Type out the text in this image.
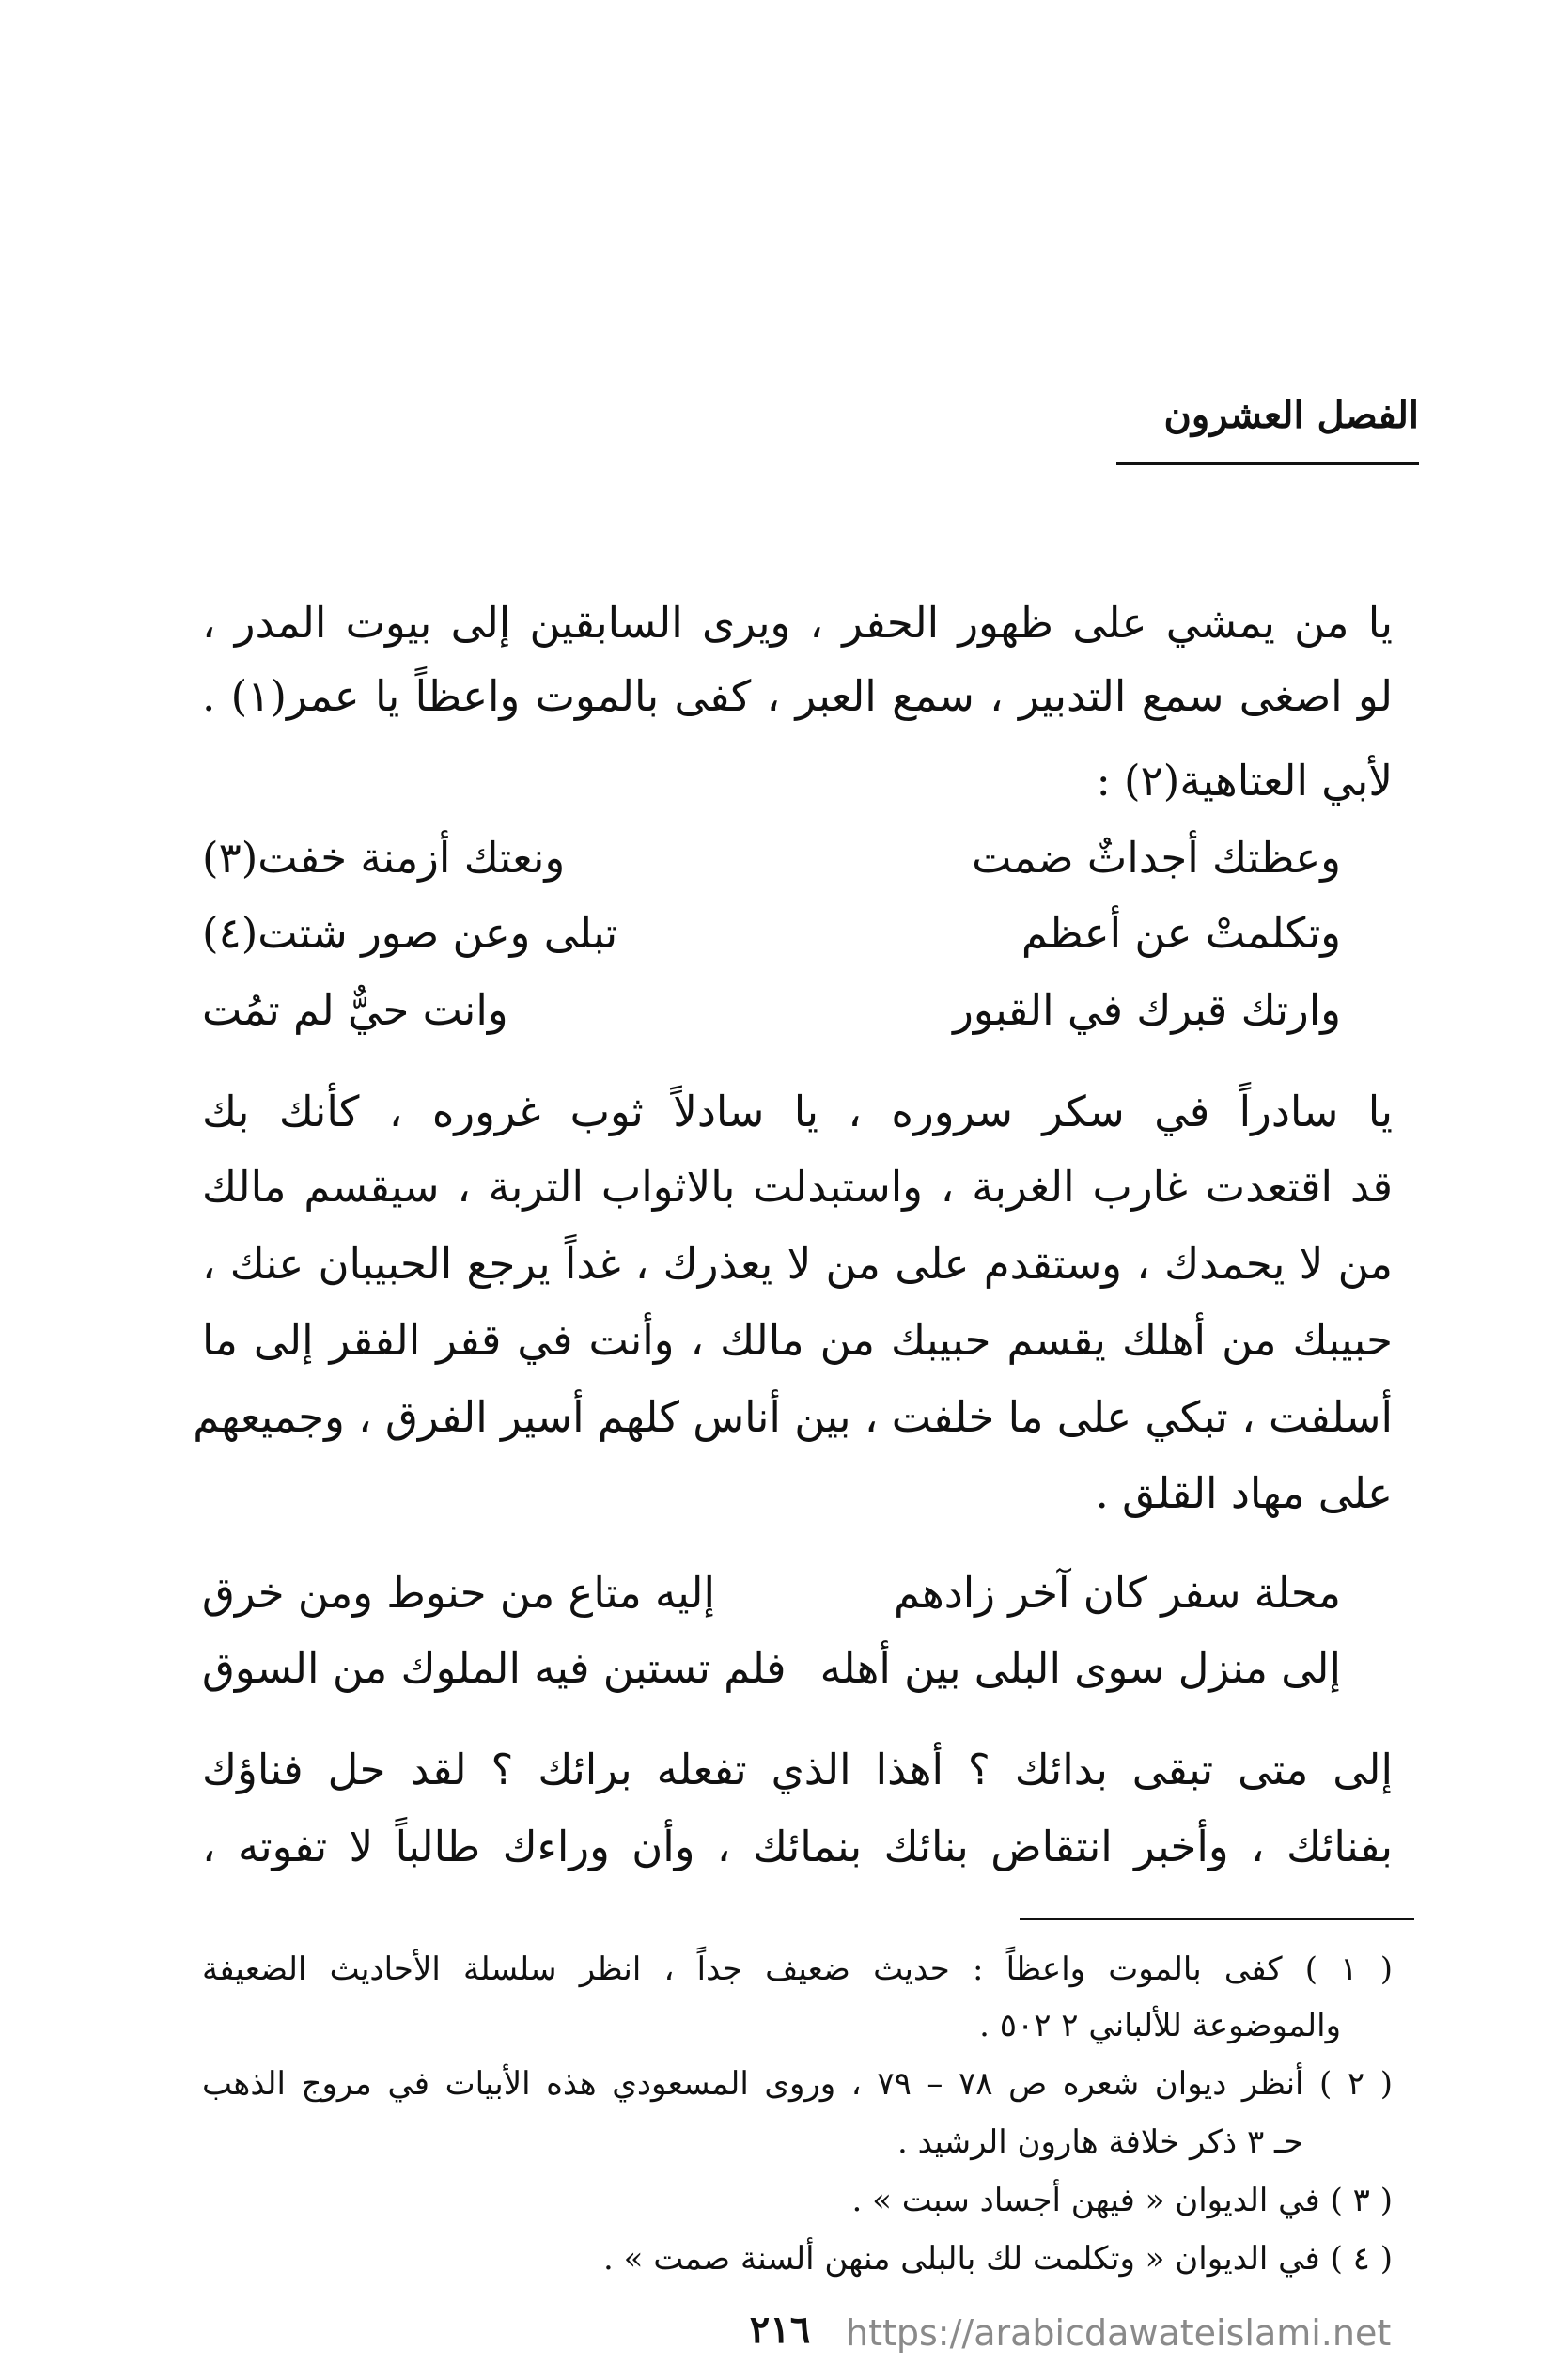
الفصل العشرون
يا من يمشي على ظهور الحفر ، ويرى السابقين إلى بيوت المدر ،
لو اصغى سمع التدبير ، سمع العبر ، كفى بالموت واعظاً يا عمر(١) .
لأبي العتاهية(٢) :
وعظتك أجداثٌ ضمت
ونعتك أزمنة خفت(٣)
وتكلمتْ عن أعظم
تبلى وعن صور شتت(٤)
وارتك قبرك في القبور
وانت حيٌّ لم تمُت
يا سادراً في سكر سروره ، يا سادلاً ثوب غروره ، كأنك بك
قد اقتعدت غارب الغربة ، واستبدلت بالاثواب التربة ، سيقسم مالك
من لا يحمدك ، وستقدم على من لا يعذرك ، غداً يرجع الحبيبان عنك ،
حبيبك من أهلك يقسم حبيبك من مالك ، وأنت في قفر الفقر إلى ما
أسلفت ، تبكي على ما خلفت ، بين أناس كلهم أسير الفرق ، وجميعهم
على مهاد القلق .
محلة سفر كان آخر زادهم
إليه متاع من حنوط ومن خرق
إلى منزل سوى البلى بين أهله
فلم تستبن فيه الملوك من السوق
إلى متى تبقى بدائك ؟ أهذا الذي تفعله برائك ؟ لقد حل فناؤك
بفنائك ، وأخبر انتقاض بنائك بنمائك ، وأن وراءك طالباً لا تفوته ،
( ١ ) كفى بالموت واعظاً : حديث ضعيف جداً ، انظر سلسلة الأحاديث الضعيفة
والموضوعة للألباني ٢ ٥٠٢ .
( ٢ ) أنظر ديوان شعره ص ٧٨ – ٧٩ ، وروى المسعودي هذه الأبيات في مروج الذهب
حـ ٣ ذكر خلافة هارون الرشيد .
( ٣ ) في الديوان « فيهن أجساد سبت » .
( ٤ ) في الديوان « وتكلمت لك بالبلى منهن ألسنة صمت » .
٢١٦ https://arabicdawateislami.net
